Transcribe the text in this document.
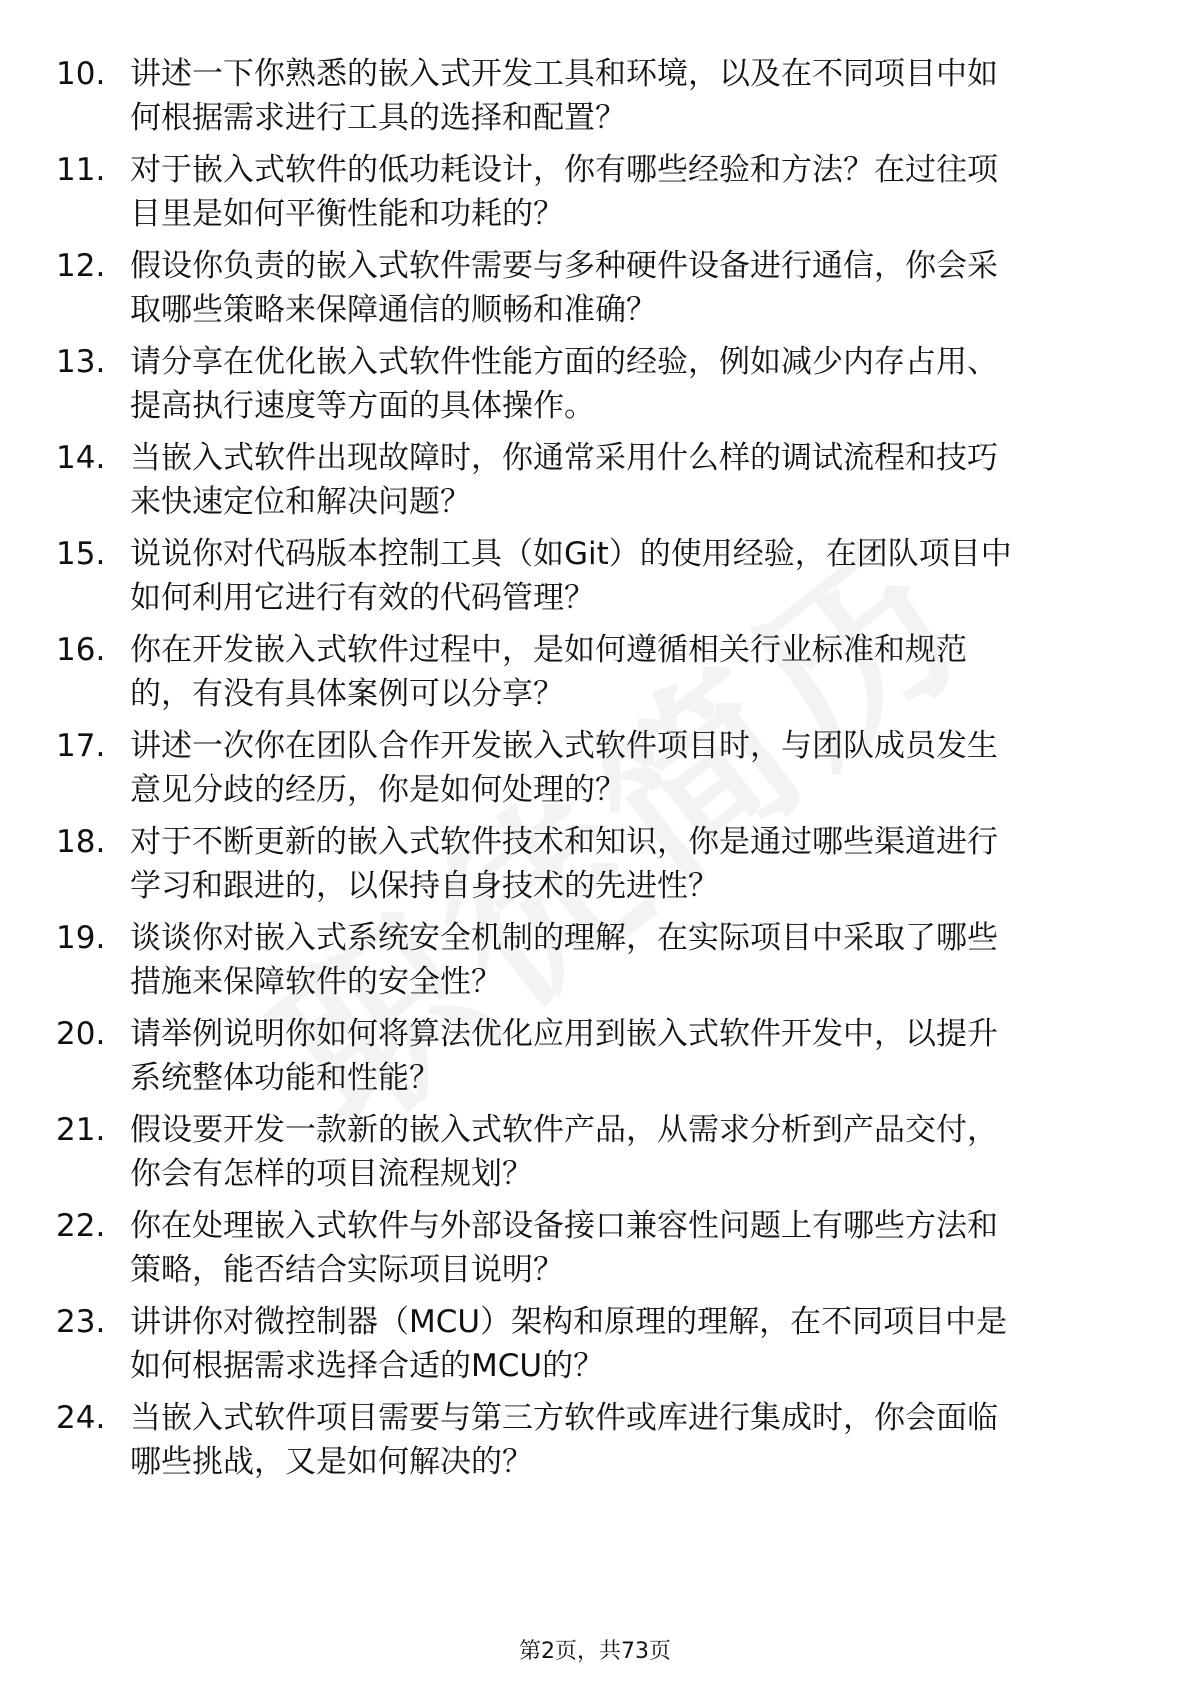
10. 讲述一下你熟悉的嵌入式开发工具和环境，以及在不同项目中如
何根据需求进行工具的选择和配置？
11. 对于嵌入式软件的低功耗设计，你有哪些经验和方法？在过往项
目里是如何平衡性能和功耗的？
12. 假设你负责的嵌入式软件需要与多种硬件设备进行通信，你会采
取哪些策略来保障通信的顺畅和准确？
13. 请分享在优化嵌入式软件性能方面的经验，例如减少内存占用、
提高执行速度等方面的具体操作。
14. 当嵌入式软件出现故障时，你通常采用什么样的调试流程和技巧
来快速定位和解决问题？
15. 说说你对代码版本控制工具（如Git）的使用经验，在团队项目中
如何利用它进行有效的代码管理？
16. 你在开发嵌入式软件过程中，是如何遵循相关行业标准和规范
的，有没有具体案例可以分享？
17. 讲述一次你在团队合作开发嵌入式软件项目时，与团队成员发生
意见分歧的经历，你是如何处理的？
18. 对于不断更新的嵌入式软件技术和知识，你是通过哪些渠道进行
学习和跟进的，以保持自身技术的先进性？
19. 谈谈你对嵌入式系统安全机制的理解，在实际项目中采取了哪些
措施来保障软件的安全性？
20. 请举例说明你如何将算法优化应用到嵌入式软件开发中，以提升
系统整体功能和性能？
21. 假设要开发一款新的嵌入式软件产品，从需求分析到产品交付，
你会有怎样的项目流程规划？
22. 你在处理嵌入式软件与外部设备接口兼容性问题上有哪些方法和
策略，能否结合实际项目说明？
23. 讲讲你对微控制器（MCU）架构和原理的理解，在不同项目中是
如何根据需求选择合适的MCU的？
24. 当嵌入式软件项目需要与第三方软件或库进行集成时，你会面临
哪些挑战，又是如何解决的？
第2页，共73页
